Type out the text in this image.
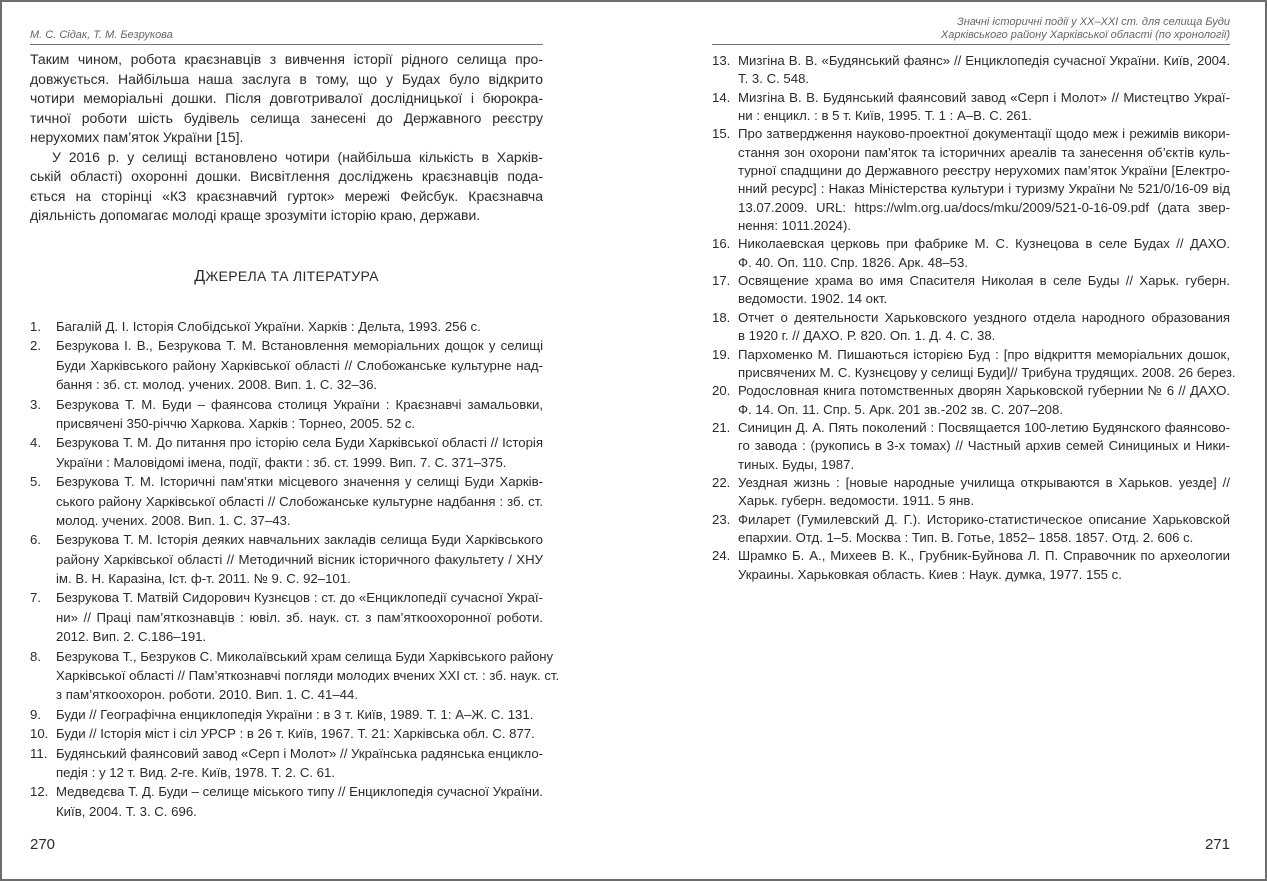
М. С. Сідак, Т. М. Безрукова
Таким чином, робота краєзнавців з вивчення історії рідного селища про-
довжується. Найбільша наша заслуга в тому, що у Будах було відкрито
чотири меморіальні дошки. Після довготривалої дослідницької і бюрокра-
тичної роботи шість будівель селища занесені до Державного реєстру
нерухомих пам’яток України [15].
У 2016 р. у селищі встановлено чотири (найбільша кількість в Харків-
ській області) охоронні дошки. Висвітлення досліджень краєзнавців пода-
ється на сторінці «КЗ краєзнавчий гурток» мережі Фейсбук. Краєзнавча
діяльність допомагає молоді краще зрозуміти історію краю, держави.
ДЖЕРЕЛА ТА ЛІТЕРАТУРА
1. Багалій Д. І. Історія Слобідської України. Харків : Дельта, 1993. 256 с.
2. Безрукова І. В., Безрукова Т. М. Встановлення меморіальних дощок у селищі
Буди Харківського району Харківської області // Слобожанське культурне над-
бання : зб. ст. молод. учених. 2008. Вип. 1. С. 32–36.
3. Безрукова Т. М. Буди – фаянсова столиця України : Краєзнавчі замальовки,
присвячені 350-річчю Харкова. Харків : Торнео, 2005. 52 с.
4. Безрукова Т. М. До питання про історію села Буди Харківської області // Історія
України : Маловідомі імена, події, факти : зб. ст. 1999. Вип. 7. С. 371–375.
5. Безрукова Т. М. Історичні пам’ятки місцевого значення у селищі Буди Харків-
ського району Харківської області // Слобожанське культурне надбання : зб. ст.
молод. учених. 2008. Вип. 1. С. 37–43.
6. Безрукова Т. М. Історія деяких навчальних закладів селища Буди Харківського
району Харківської області // Методичний вісник історичного факультету / ХНУ
ім. В. Н. Каразіна, Іст. ф-т. 2011. № 9. С. 92–101.
7. Безрукова Т. Матвій Сидорович Кузнєцов : ст. до «Енциклопедії сучасної Украї-
ни» // Праці пам’яткознавців : ювіл. зб. наук. ст. з пам’яткоохоронної роботи.
2012. Вип. 2. С.186–191.
8. Безрукова Т., Безруков С. Миколаївський храм селища Буди Харківського району
Харківської області // Пам’яткознавчі погляди молодих вчених ХХІ ст. : зб. наук. ст.
з пам’яткоохорон. роботи. 2010. Вип. 1. С. 41–44.
9. Буди // Географічна енциклопедія України : в 3 т. Київ, 1989. Т. 1: А–Ж. С. 131.
10. Буди // Історія міст і сіл УРСР : в 26 т. Київ, 1967. Т. 21: Харківська обл. С. 877.
11. Будянський фаянсовий завод «Серп і Молот» // Українська радянська енцикло-
педія : у 12 т. Вид. 2-ге. Київ, 1978. Т. 2. С. 61.
12. Медведєва Т. Д. Буди – селище міського типу // Енциклопедія сучасної України.
Київ, 2004. Т. 3. С. 696.
270
Значні історичні події у ХХ–ХХІ ст. для селища Буди
Харківського району Харківської області (по хронології)
13. Мизгіна В. В. «Будянський фаянс» // Енциклопедія сучасної України. Київ, 2004.
Т. 3. С. 548.
14. Мизгіна В. В. Будянський фаянсовий завод «Серп і Молот» // Мистецтво Украї-
ни : енцикл. : в 5 т. Київ, 1995. Т. 1 : А–В. С. 261.
15. Про затвердження науково-проектної документації щодо меж і режимів викори-
стання зон охорони пам’яток та історичних ареалів та занесення об’єктів куль-
турної спадщини до Державного реєстру нерухомих пам’яток України [Електро-
нний ресурс] : Наказ Міністерства культури і туризму України № 521/0/16-09 від
13.07.2009. URL: https://wlm.org.ua/docs/mku/2009/521-0-16-09.pdf (дата звер-
нення: 1011.2024).
16. Николаевская церковь при фабрике М. С. Кузнецова в селе Будах // ДАХО.
Ф. 40. Оп. 110. Спр. 1826. Арк. 48–53.
17. Освящение храма во имя Спасителя Николая в селе Буды // Харьк. губерн.
ведомости. 1902. 14 окт.
18. Отчет о деятельности Харьковского уездного отдела народного образования
в 1920 г. // ДАХО. Р. 820. Оп. 1. Д. 4. С. 38.
19. Пархоменко М. Пишаються історією Буд : [про відкриття меморіальних дошок,
присвячених М. С. Кузнєцову у селищі Буди]// Трибуна трудящих. 2008. 26 берез.
20. Родословная книга потомственных дворян Харьковской губернии № 6 // ДАХО.
Ф. 14. Оп. 11. Спр. 5. Арк. 201 зв.-202 зв. С. 207–208.
21. Синицин Д. А. Пять поколений : Посвящается 100-летию Будянского фаянсово-
го завода : (рукопись в 3-х томах) // Частный архив семей Синициных и Ники-
тиных. Буды, 1987.
22. Уездная жизнь : [новые народные училища открываются в Харьков. уезде] //
Харьк. губерн. ведомости. 1911. 5 янв.
23. Филарет (Гумилевский Д. Г.). Историко-статистическое описание Харьковской
епархии. Отд. 1–5. Москва : Тип. В. Готье, 1852– 1858. 1857. Отд. 2. 606 с.
24. Шрамко Б. А., Михеев В. К., Грубник-Буйнова Л. П. Справочник по археологии
Украины. Харьковкая область. Киев : Наук. думка, 1977. 155 с.
271
